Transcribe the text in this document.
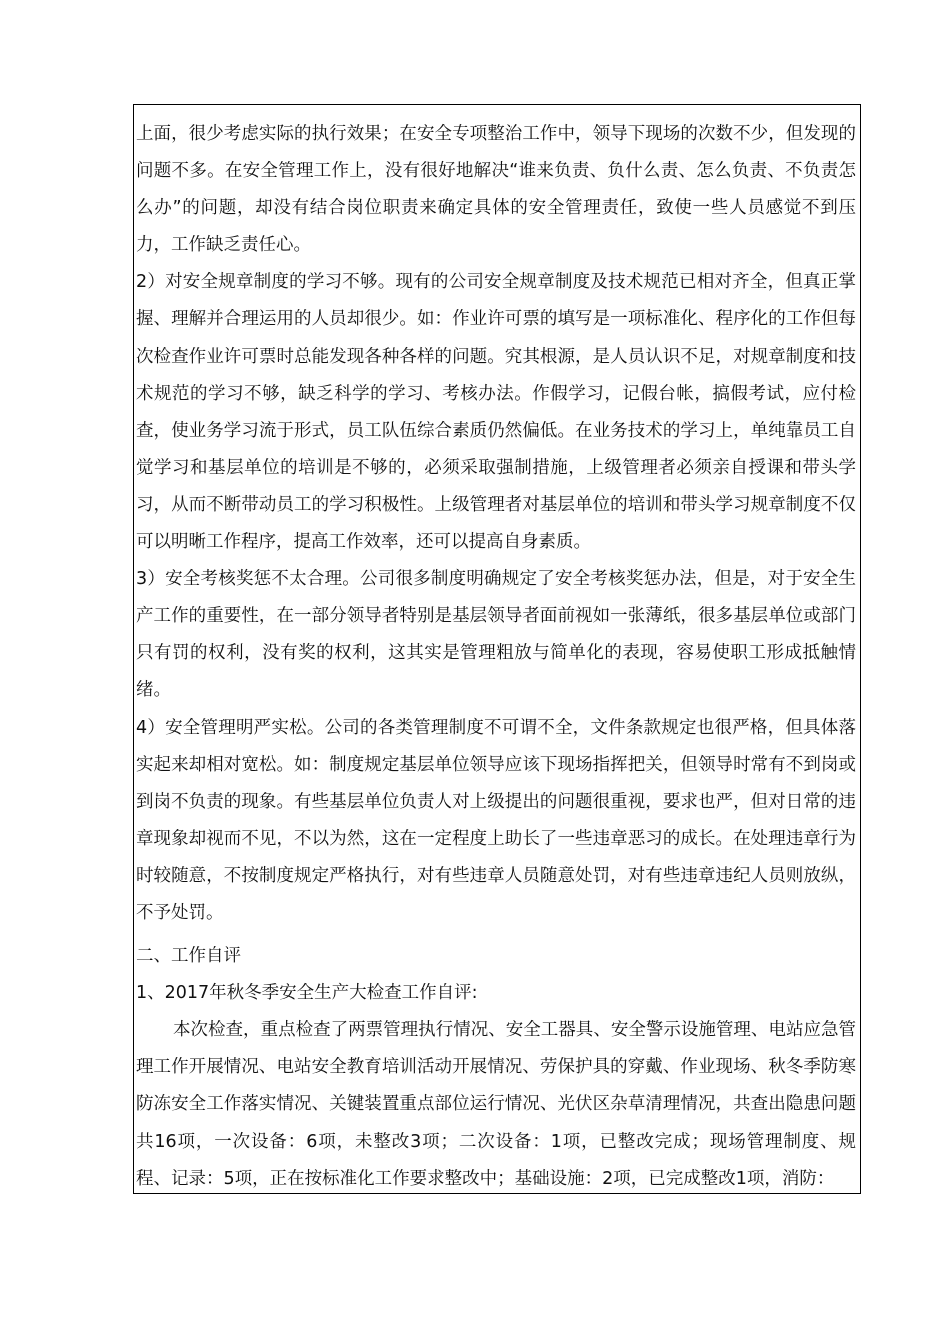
上面，很少考虑实际的执行效果；在安全专项整治工作中，领导下现场的次数不少，但发现的问题不多。在安全管理工作上，没有很好地解决“谁来负责、负什么责、怎么负责、不负责怎么办”的问题，却没有结合岗位职责来确定具体的安全管理责任，致使一些人员感觉不到压力，工作缺乏责任心。

2）对安全规章制度的学习不够。现有的公司安全规章制度及技术规范已相对齐全，但真正掌握、理解并合理运用的人员却很少。如：作业许可票的填写是一项标准化、程序化的工作但每次检查作业许可票时总能发现各种各样的问题。究其根源，是人员认识不足，对规章制度和技术规范的学习不够，缺乏科学的学习、考核办法。作假学习，记假台帐，搞假考试，应付检查，使业务学习流于形式，员工队伍综合素质仍然偏低。在业务技术的学习上，单纯靠员工自觉学习和基层单位的培训是不够的，必须采取强制措施，上级管理者必须亲自授课和带头学习，从而不断带动员工的学习积极性。上级管理者对基层单位的培训和带头学习规章制度不仅可以明晰工作程序，提高工作效率，还可以提高自身素质。

3）安全考核奖惩不太合理。公司很多制度明确规定了安全考核奖惩办法，但是，对于安全生产工作的重要性，在一部分领导者特别是基层领导者面前视如一张薄纸，很多基层单位或部门只有罚的权利，没有奖的权利，这其实是管理粗放与简单化的表现，容易使职工形成抵触情绪。

4）安全管理明严实松。公司的各类管理制度不可谓不全，文件条款规定也很严格，但具体落实起来却相对宽松。如：制度规定基层单位领导应该下现场指挥把关，但领导时常有不到岗或到岗不负责的现象。有些基层单位负责人对上级提出的问题很重视，要求也严，但对日常的违章现象却视而不见，不以为然，这在一定程度上助长了一些违章恶习的成长。在处理违章行为时较随意，不按制度规定严格执行，对有些违章人员随意处罚，对有些违章违纪人员则放纵，不予处罚。

二、工作自评

1、2017年秋冬季安全生产大检查工作自评:

本次检查，重点检查了两票管理执行情况、安全工器具、安全警示设施管理、电站应急管理工作开展情况、电站安全教育培训活动开展情况、劳保护具的穿戴、作业现场、秋冬季防寒防冻安全工作落实情况、关键装置重点部位运行情况、光伏区杂草清理情况，共查出隐患问题共16项，一次设备：6项，未整改3项；二次设备：1项，已整改完成；现场管理制度、规程、记录：5项，正在按标准化工作要求整改中；基础设施：2项，已完成整改1项，消防：
